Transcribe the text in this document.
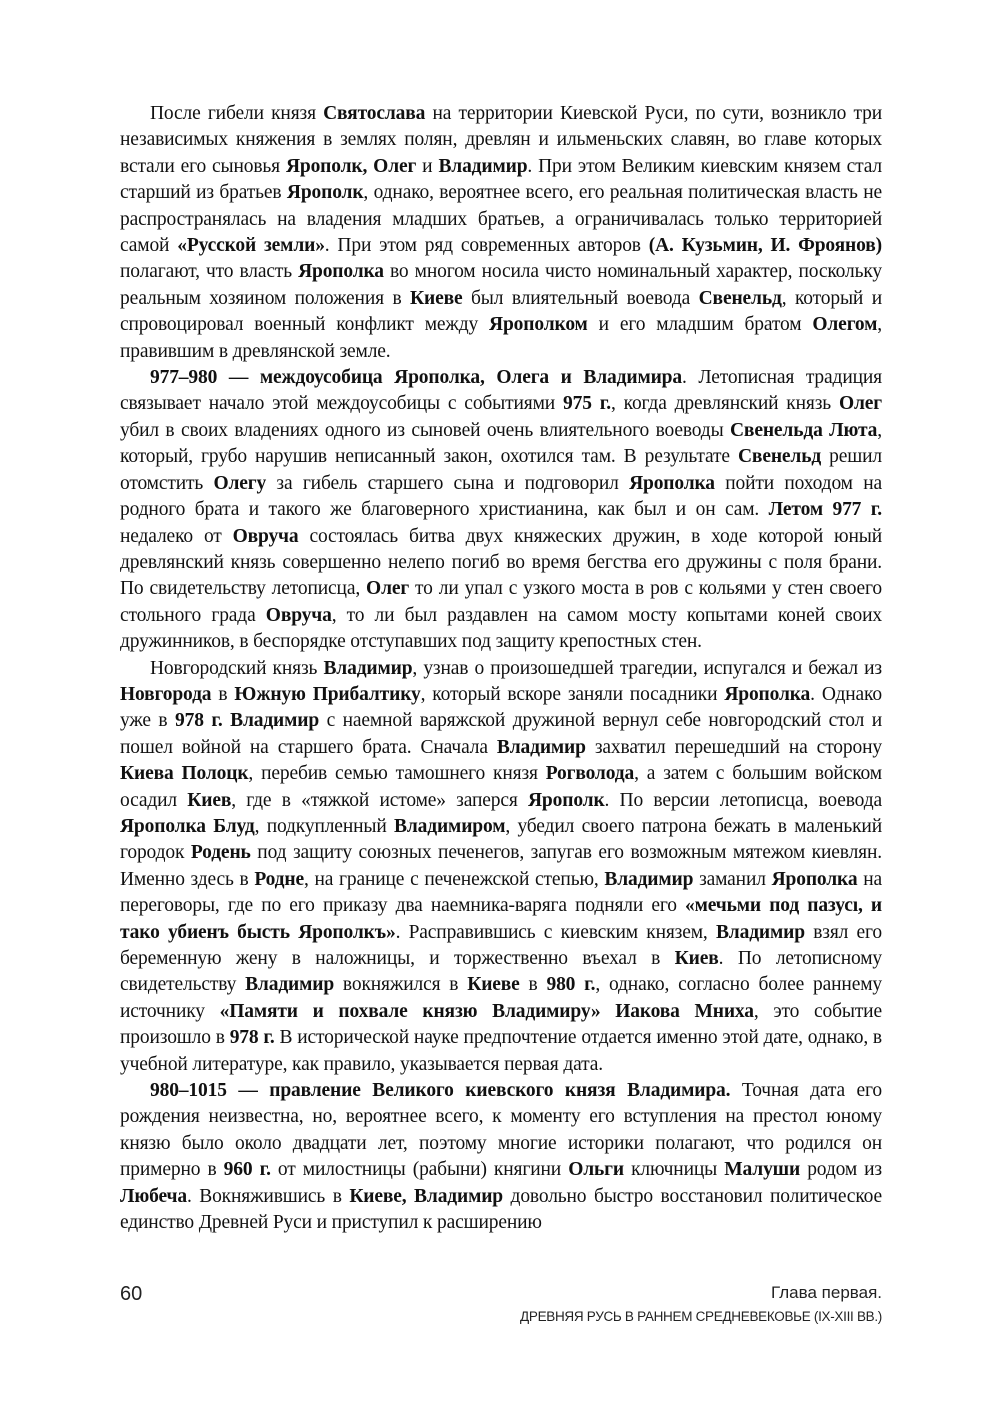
После гибели князя Святослава на территории Киевской Руси, по сути, возникло три независимых княжения в землях полян, древлян и ильменьских славян, во главе которых встали его сыновья Ярополк, Олег и Владимир. При этом Великим киевским князем стал старший из братьев Ярополк, однако, вероятнее всего, его реальная политическая власть не распространялась на владения младших братьев, а ограничивалась только территорией самой «Русской земли». При этом ряд современных авторов (А. Кузьмин, И. Фроянов) полагают, что власть Ярополка во многом носила чисто номинальный характер, поскольку реальным хозяином положения в Киеве был влиятельный воевода Свенельд, который и спровоцировал военный конфликт между Ярополком и его младшим братом Олегом, правившим в древлянской земле.

977–980 — междоусобица Ярополка, Олега и Владимира. Летописная традиция связывает начало этой междоусобицы с событиями 975 г., когда древлянский князь Олег убил в своих владениях одного из сыновей очень влиятельного воеводы Свенельда Люта, который, грубо нарушив неписанный закон, охотился там. В результате Свенельд решил отомстить Олегу за гибель старшего сына и подговорил Ярополка пойти походом на родного брата и такого же благоверного христианина, как был и он сам. Летом 977 г. недалеко от Овруча состоялась битва двух княжеских дружин, в ходе которой юный древлянский князь совершенно нелепо погиб во время бегства его дружины с поля брани. По свидетельству летописца, Олег то ли упал с узкого моста в ров с кольями у стен своего стольного града Овруча, то ли был раздавлен на самом мосту копытами коней своих дружинников, в беспорядке отступавших под защиту крепостных стен.

Новгородский князь Владимир, узнав о произошедшей трагедии, испугался и бежал из Новгорода в Южную Прибалтику, который вскоре заняли посадники Ярополка. Однако уже в 978 г. Владимир с наемной варяжской дружиной вернул себе новгородский стол и пошел войной на старшего брата. Сначала Владимир захватил перешедший на сторону Киева Полоцк, перебив семью тамошнего князя Рогволода, а затем с большим войском осадил Киев, где в «тяжкой истоме» заперся Ярополк. По версии летописца, воевода Ярополка Блуд, подкупленный Владимиром, убедил своего патрона бежать в маленький городок Родень под защиту союзных печенегов, запугав его возможным мятежом киевлян. Именно здесь в Родне, на границе с печенежской степью, Владимир заманил Ярополка на переговоры, где по его приказу два наемника-варяга подняли его «мечьми под пазусı, и тако убиенъ бысть Ярополкъ». Расправившись с киевским князем, Владимир взял его беременную жену в наложницы, и торжественно въехал в Киев. По летописному свидетельству Владимир вокняжился в Киеве в 980 г., однако, согласно более раннему источнику «Памяти и похвале князю Владимиру» Иакова Мниха, это событие произошло в 978 г. В исторической науке предпочтение отдается именно этой дате, однако, в учебной литературе, как правило, указывается первая дата.

980–1015 — правление Великого киевского князя Владимира. Точная дата его рождения неизвестна, но, вероятнее всего, к моменту его вступления на престол юному князю было около двадцати лет, поэтому многие историки полагают, что родился он примерно в 960 г. от милостницы (рабыни) княгини Ольги ключницы Малуши родом из Любеча. Вокняжившись в Киеве, Владимир довольно быстро восстановил политическое единство Древней Руси и приступил к расширению

60	Глава первая.
ДРЕВНЯЯ РУСЬ В РАННЕМ СРЕДНЕВЕКОВЬЕ (IX-XIII ВВ.)
